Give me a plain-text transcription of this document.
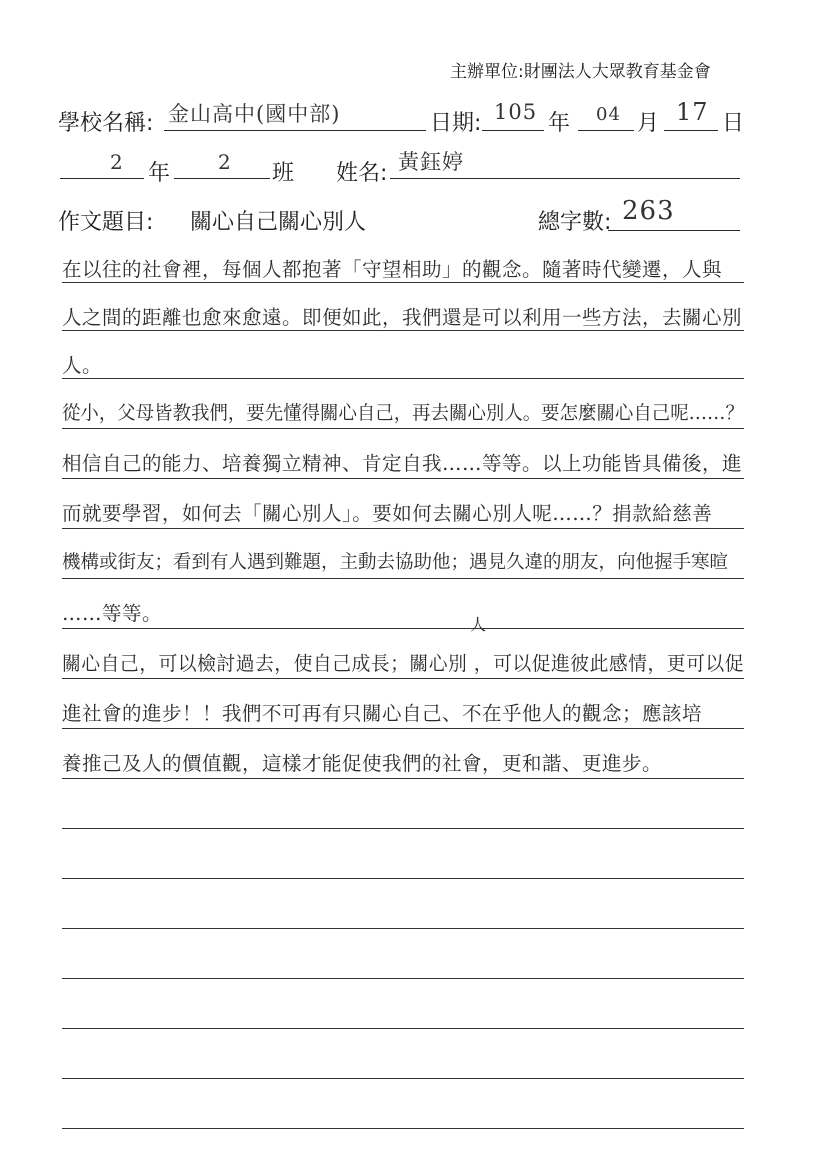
主辦單位:財團法人大眾教育基金會
學校名稱: 金山高中(國中部)	日期: 105 年 04 月 17 日
2 年 2 班 姓名: 黃鈺婷
作文題目: 關心自己關心別人	總字數: 263
在以往的社會裡，每個人都抱著「守望相助」的觀念。隨著時代變遷，人與
人之間的距離也愈來愈遠。即便如此，我們還是可以利用一些方法，去關心別
人。
從小，父母皆教我們，要先懂得關心自己，再去關心別人。要怎麼關心自己呢……？
相信自己的能力、培養獨立精神、肯定自我……等等。以上功能皆具備後，進
而就要學習，如何去「關心別人」。要如何去關心別人呢……？捐款給慈善
機構或街友；看到有人遇到難題，主動去協助他；遇見久違的朋友，向他握手寒暄
……等等。
關心自己，可以檢討過去，使自己成長；關心別 ，可以促進彼此感情，更可以促
人
進社會的進步！！我們不可再有只關心自己、不在乎他人的觀念；應該培
養推己及人的價值觀，這樣才能促使我們的社會，更和諧、更進步。
